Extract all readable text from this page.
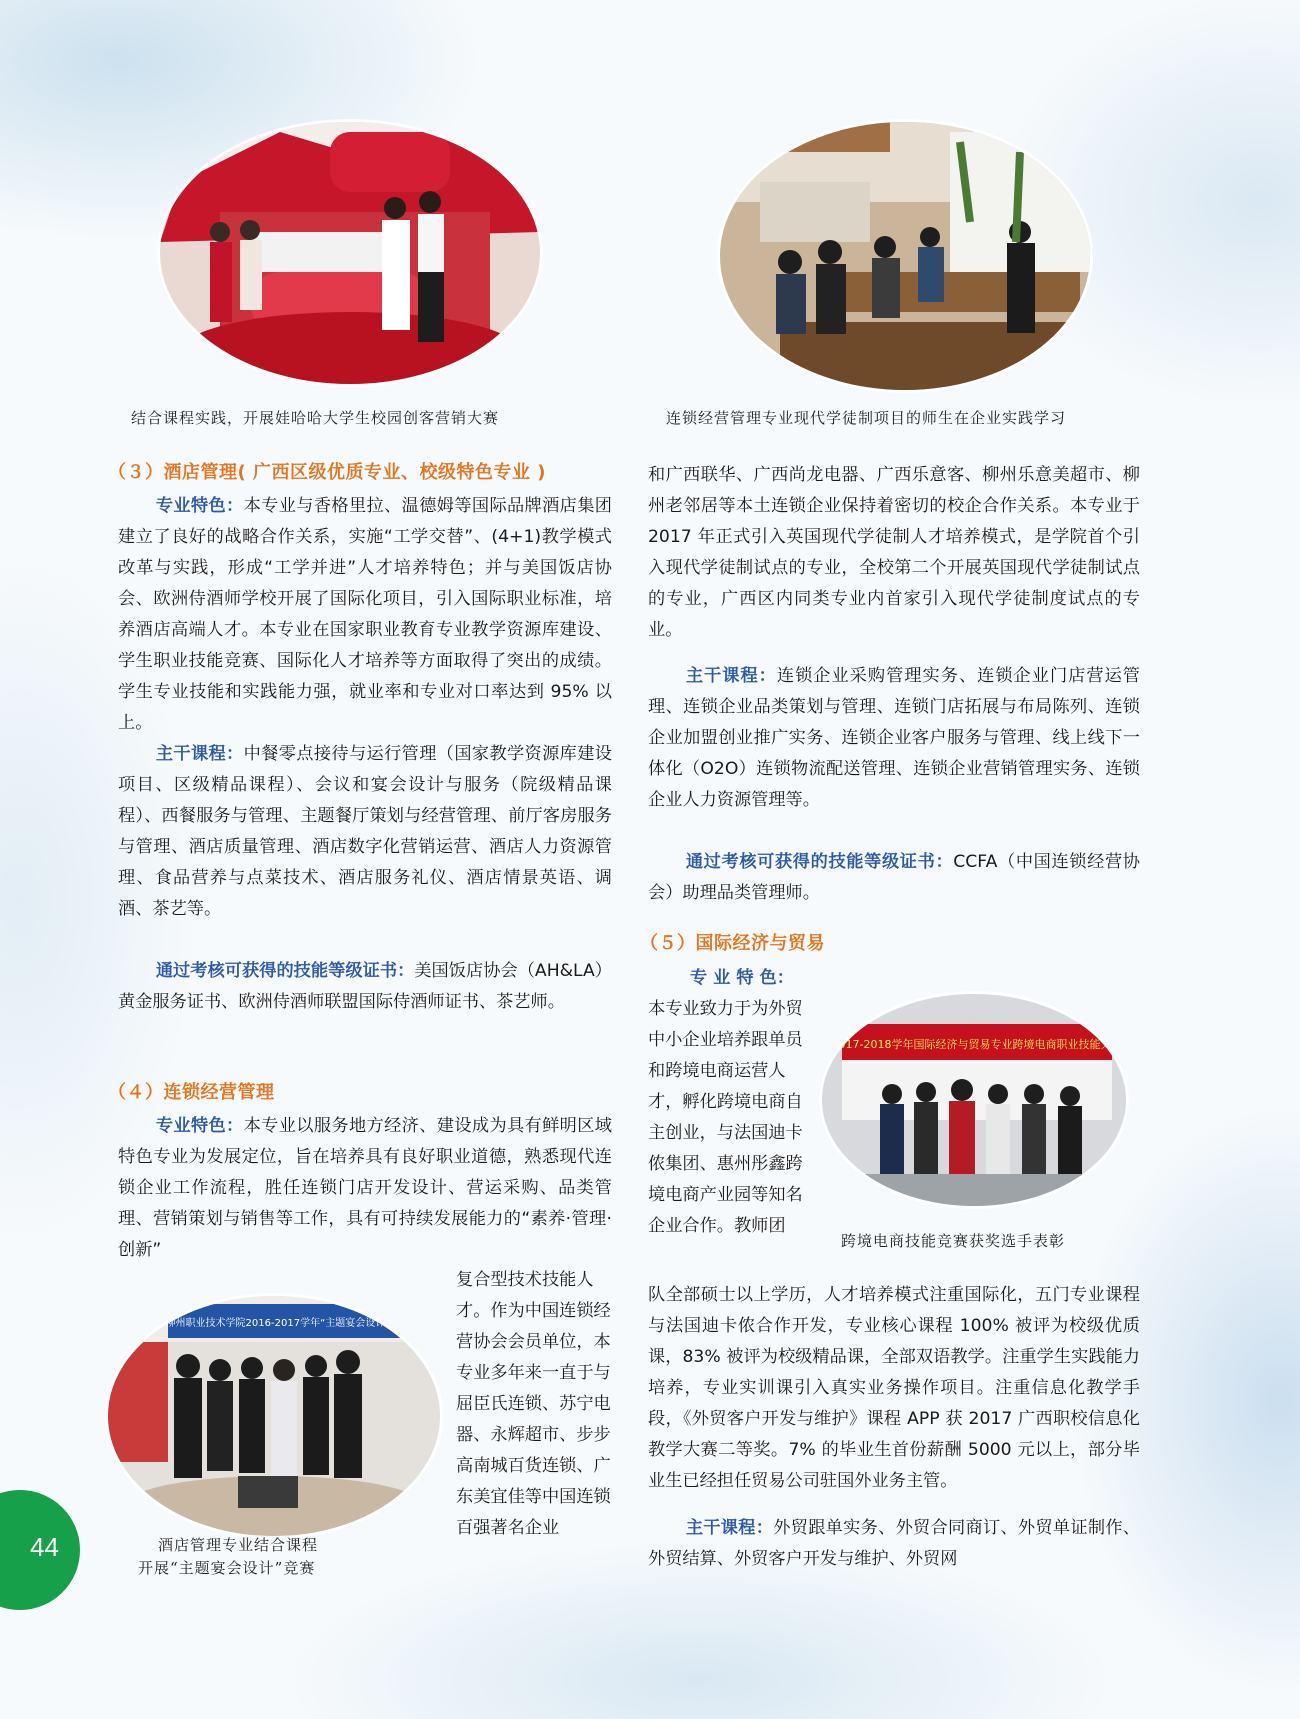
结合课程实践，开展娃哈哈大学生校园创客营销大赛	连锁经营管理专业现代学徒制项目的师生在企业实践学习
（３）酒店管理( 广西区级优质专业、校级特色专业 )
专业特色：本专业与香格里拉、温德姆等国际品牌酒店集团建立了良好的战略合作关系，实施“工学交替”、(4+1)教学模式改革与实践，形成“工学并进”人才培养特色；并与美国饭店协会、欧洲侍酒师学校开展了国际化项目，引入国际职业标准，培养酒店高端人才。本专业在国家职业教育专业教学资源库建设、学生职业技能竞赛、国际化人才培养等方面取得了突出的成绩。学生专业技能和实践能力强，就业率和专业对口率达到 95% 以上。
主干课程：中餐零点接待与运行管理（国家教学资源库建设项目、区级精品课程）、会议和宴会设计与服务（院级精品课程）、西餐服务与管理、主题餐厅策划与经营管理、前厅客房服务与管理、酒店质量管理、酒店数字化营销运营、酒店人力资源管理、食品营养与点菜技术、酒店服务礼仪、酒店情景英语、调酒、茶艺等。
通过考核可获得的技能等级证书：美国饭店协会（AH&LA）黄金服务证书、欧洲侍酒师联盟国际侍酒师证书、茶艺师。
（４）连锁经营管理
专业特色：本专业以服务地方经济、建设成为具有鲜明区域特色专业为发展定位，旨在培养具有良好职业道德，熟悉现代连锁企业工作流程，胜任连锁门店开发设计、营运采购、品类管理、营销策划与销售等工作，具有可持续发展能力的“素养·管理·创新”
柳州职业技术学院2016-2017学年“主题宴会设计”大赛
酒店管理专业结合课程
开展“主题宴会设计”竞赛
复合型技术技能人才。作为中国连锁经营协会会员单位，本专业多年来一直于与屈臣氏连锁、苏宁电器、永辉超市、步步高南城百货连锁、广东美宜佳等中国连锁百强著名企业
和广西联华、广西尚龙电器、广西乐意客、柳州乐意美超市、柳州老邻居等本土连锁企业保持着密切的校企合作关系。本专业于 2017 年正式引入英国现代学徒制人才培养模式，是学院首个引入现代学徒制试点的专业，全校第二个开展英国现代学徒制试点的专业，广西区内同类专业内首家引入现代学徒制度试点的专业。
主干课程：连锁企业采购管理实务、连锁企业门店营运管理、连锁企业品类策划与管理、连锁门店拓展与布局陈列、连锁企业加盟创业推广实务、连锁企业客户服务与管理、线上线下一体化（O2O）连锁物流配送管理、连锁企业营销管理实务、连锁企业人力资源管理等。
通过考核可获得的技能等级证书：CCFA（中国连锁经营协会）助理品类管理师。
（５）国际经济与贸易
专 业 特 色：
本专业致力于为外贸中小企业培养跟单员和跨境电商运营人才，孵化跨境电商自主创业，与法国迪卡侬集团、惠州彤鑫跨境电商产业园等知名企业合作。教师团
2017-2018学年国际经济与贸易专业跨境电商职业技能大赛
跨境电商技能竞赛获奖选手表彰
队全部硕士以上学历，人才培养模式注重国际化，五门专业课程与法国迪卡侬合作开发，专业核心课程 100% 被评为校级优质课，83% 被评为校级精品课，全部双语教学。注重学生实践能力培养，专业实训课引入真实业务操作项目。注重信息化教学手段，《外贸客户开发与维护》课程 APP 获 2017 广西职校信息化教学大赛二等奖。7% 的毕业生首份薪酬 5000 元以上，部分毕业生已经担任贸易公司驻国外业务主管。
主干课程：外贸跟单实务、外贸合同商订、外贸单证制作、外贸结算、外贸客户开发与维护、外贸网
44
